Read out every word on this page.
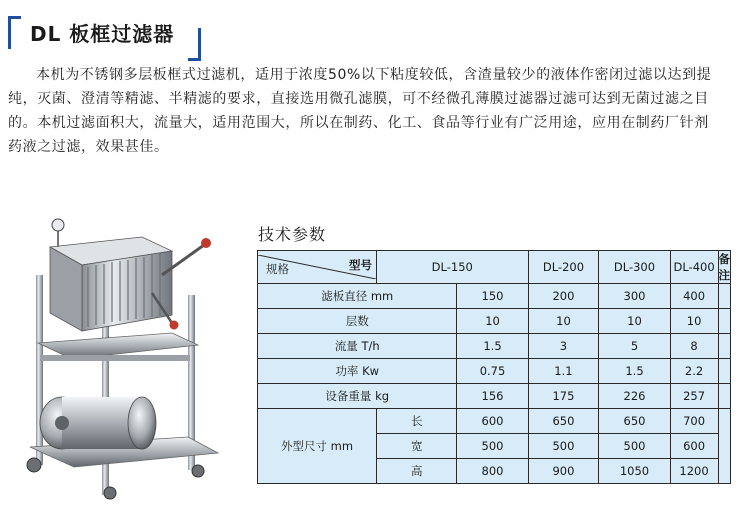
DL 板框过滤器
本机为不锈钢多层板框式过滤机，适用于浓度50%以下粘度较低，含渣量较少的液体作密闭过滤以达到提
纯，灭菌、澄清等精滤、半精滤的要求，直接选用微孔滤膜，可不经微孔薄膜过滤器过滤可达到无菌过滤之目
的。本机过滤面积大，流量大，适用范围大，所以在制药、化工、食品等行业有广泛用途，应用在制药厂针剂
药液之过滤，效果甚佳。
技术参数
型号
规格	DL-150		DL-200	DL-300	DL-400	备注
滤板直径 mm		150	200	300	400	
层数		10	10	10	10	
流量 T/h		1.5	3	5	8	
功率 Kw		0.75	1.1	1.5	2.2	
设备重量 kg		156	175	226	257	
外型尺寸 mm	长	600	650	650	700	
	宽	500	500	500	600	
	高	800	900	1050	1200	
